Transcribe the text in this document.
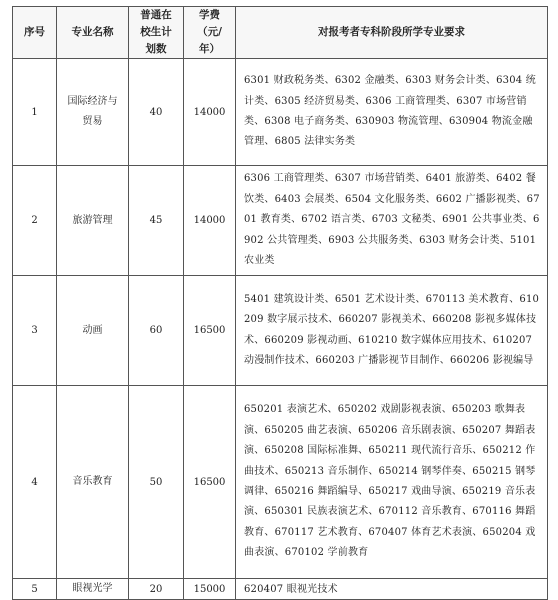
序号	专业名称	普通在校生计划数	学费（元/年）	对报考者专科阶段所学专业要求
1	国际经济与贸易	40	14000	6301 财政税务类、6302 金融类、6303 财务会计类、6304 统计类、6305 经济贸易类、6306 工商管理类、6307 市场营销类、6308 电子商务类、630903 物流管理、630904 物流金融管理、6805 法律实务类
2	旅游管理	45	14000	6306 工商管理类、6307 市场营销类、6401 旅游类、6402 餐饮类、6403 会展类、6504 文化服务类、6602 广播影视类、6701 教育类、6702 语言类、6703 文秘类、6901 公共事业类、6902 公共管理类、6903 公共服务类、6303 财务会计类、5101 农业类
3	动画	60	16500	5401 建筑设计类、6501 艺术设计类、670113 美术教育、610209 数字展示技术、660207 影视美术、660208 影视多媒体技术、660209 影视动画、610210 数字媒体应用技术、610207 动漫制作技术、660203 广播影视节目制作、660206 影视编导
4	音乐教育	50	16500	650201 表演艺术、650202 戏剧影视表演、650203 歌舞表演、650205 曲艺表演、650206 音乐剧表演、650207 舞蹈表演、650208 国际标准舞、650211 现代流行音乐、650212 作曲技术、650213 音乐制作、650214 钢琴伴奏、650215 钢琴调律、650216 舞蹈编导、650217 戏曲导演、650219 音乐表演、650301 民族表演艺术、670112 音乐教育、670116 舞蹈教育、670117 艺术教育、670407 体育艺术表演、650204 戏曲表演、670102 学前教育
5	眼视光学	20	15000	620407 眼视光技术
